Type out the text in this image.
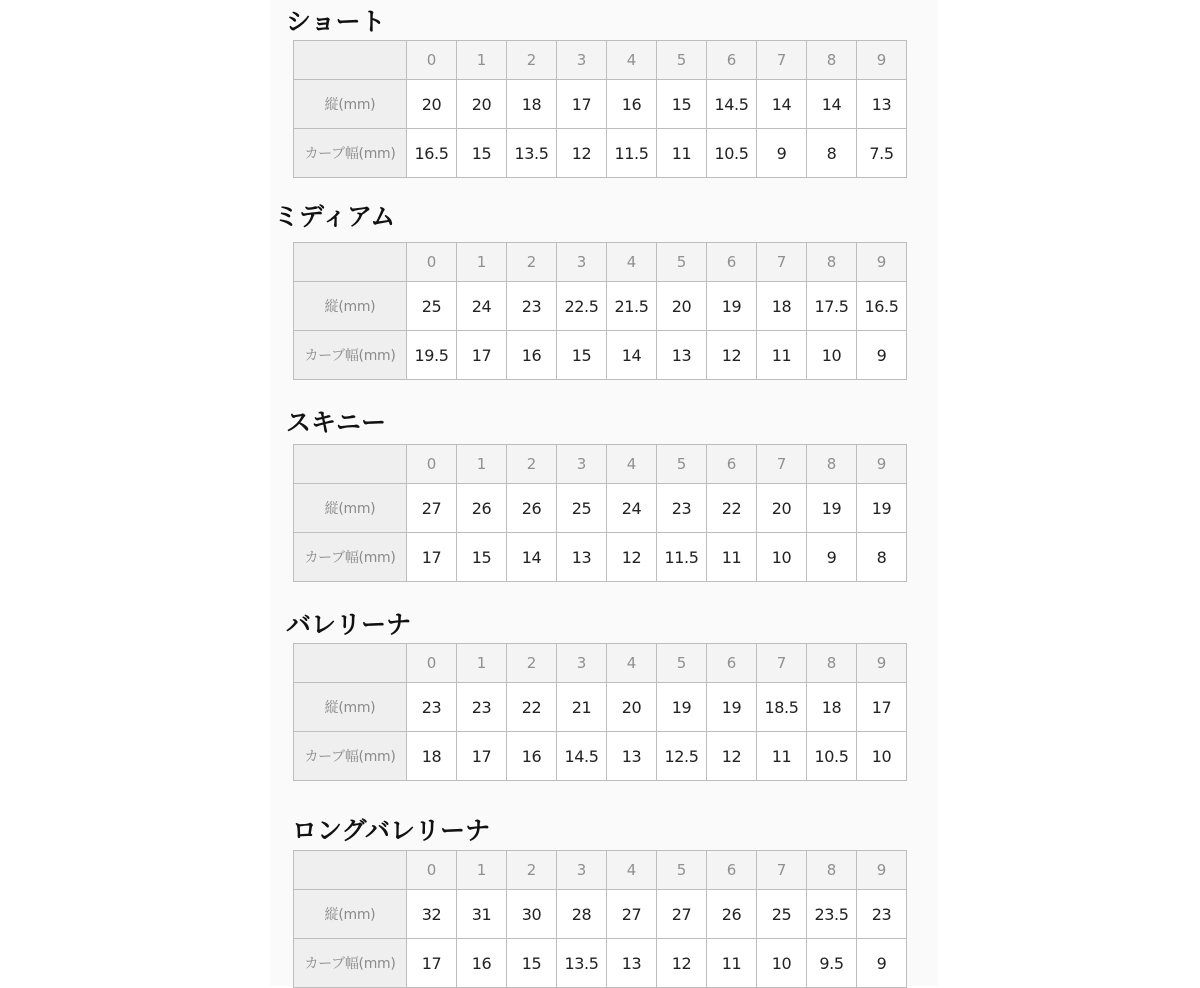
ショート
	0	1	2	3	4	5	6	7	8	9
縦(mm)	20	20	18	17	16	15	14.5	14	14	13
カーブ幅(mm)	16.5	15	13.5	12	11.5	11	10.5	9	8	7.5
ミディアム
	0	1	2	3	4	5	6	7	8	9
縦(mm)	25	24	23	22.5	21.5	20	19	18	17.5	16.5
カーブ幅(mm)	19.5	17	16	15	14	13	12	11	10	9
スキニー
	0	1	2	3	4	5	6	7	8	9
縦(mm)	27	26	26	25	24	23	22	20	19	19
カーブ幅(mm)	17	15	14	13	12	11.5	11	10	9	8
バレリーナ
	0	1	2	3	4	5	6	7	8	9
縦(mm)	23	23	22	21	20	19	19	18.5	18	17
カーブ幅(mm)	18	17	16	14.5	13	12.5	12	11	10.5	10
ロングバレリーナ
	0	1	2	3	4	5	6	7	8	9
縦(mm)	32	31	30	28	27	27	26	25	23.5	23
カーブ幅(mm)	17	16	15	13.5	13	12	11	10	9.5	9
